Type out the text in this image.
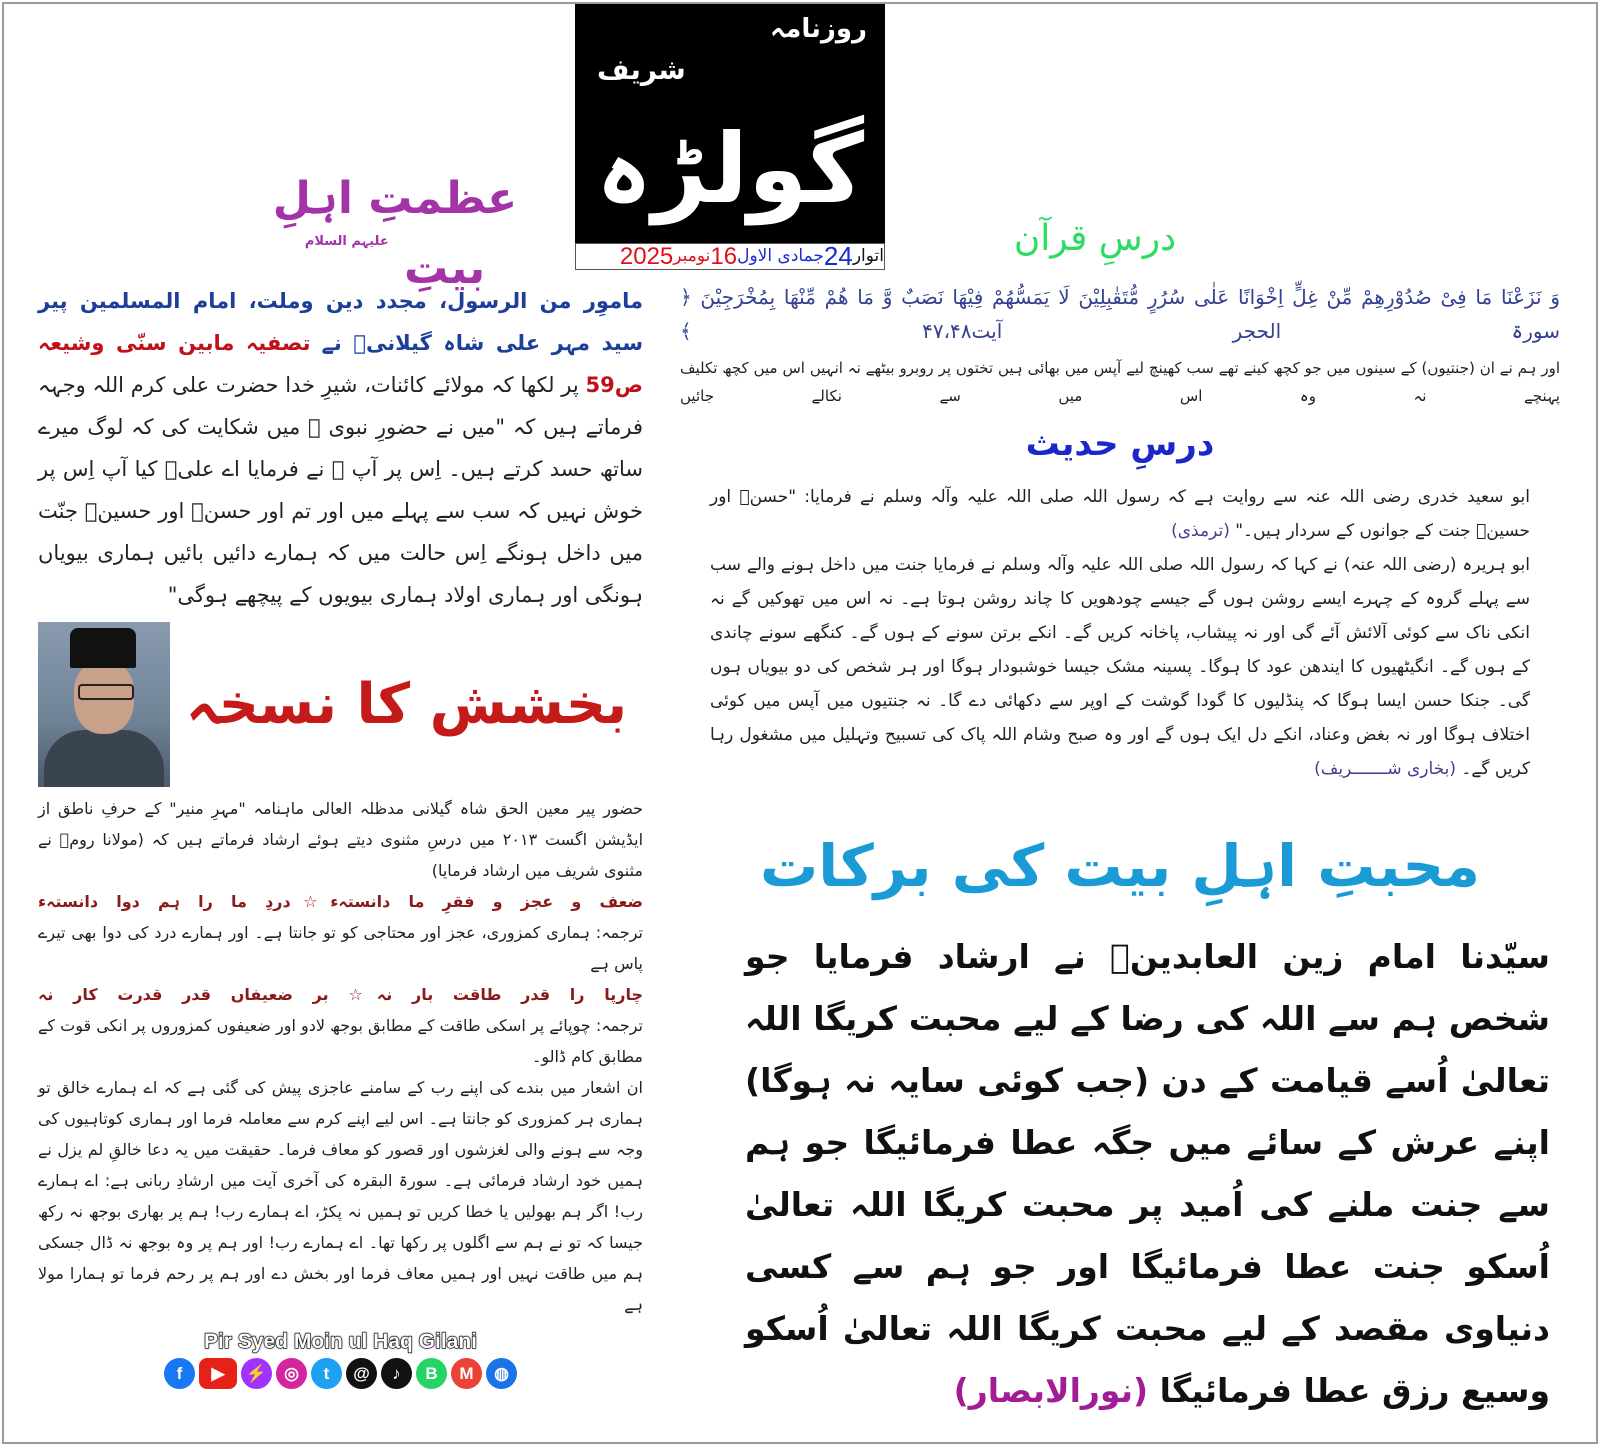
روزنامہ
شریف
گولڑہ
اتوار
24
جمادی الاول
16
نومبر
2025
عظمتِ اہلِ بیتِ $^{علیہم السلام}$	درسِ قرآن
ماموِر من الرسول، مجدد دین وملت، امام المسلمین پیر سید مہر علی شاہ گیلانیؒ نے تصفیہ مابین سنّی وشیعہ ص59 پر لکھا کہ مولائے کائنات، شیرِ خدا حضرت علی کرم اللہ وجہہ فرماتے ہیں کہ "میں نے حضورِ نبوی ﷺ میں شکایت کی کہ لوگ میرے ساتھ حسد کرتے ہیں۔ اِس پر آپ ﷺ نے فرمایا اے علیؑ کیا آپ اِس پر خوش نہیں کہ سب سے پہلے میں اور تم اور حسنؑ اور حسینؑ جنّت میں داخل ہونگے اِس حالت میں کہ ہمارے دائیں بائیں ہماری بیویاں ہونگی اور ہماری اولاد ہماری بیویوں کے پیچھے ہوگی"
بخشش کا نسخہ
حضور پیر معین الحق شاہ گیلانی مدظلہ العالی ماہنامہ "مہرِ منیر" کے حرفِ ناطق از ایڈیشن اگست ۲۰۱۳ میں درسِ مثنوی دیتے ہوئے ارشاد فرماتے ہیں کہ (مولانا رومؒ نے مثنوی شریف میں ارشاد فرمایا)
ضعف و عجز و فقرِ ما دانستہء☆دردِ ما را ہم دوا دانستہء
ترجمہ: ہماری کمزوری، عجز اور محتاجی کو تو جانتا ہے۔ اور ہمارے درد کی دوا بھی تیرے پاس ہے
چارپا را قدر طاقت بار نہ☆ بر ضعیفاں قدر قدرت کار نہ
ترجمہ: چوپائے پر اسکی طاقت کے مطابق بوجھ لادو اور ضعیفوں کمزوروں پر انکی قوت کے مطابق کام ڈالو۔
ان اشعار میں بندے کی اپنے رب کے سامنے عاجزی پیش کی گئی ہے کہ اے ہمارے خالق تو ہماری ہر کمزوری کو جانتا ہے۔ اس لیے اپنے کرم سے معاملہ فرما اور ہماری کوتاہیوں کی وجہ سے ہونے والی لغزشوں اور قصور کو معاف فرما۔ حقیقت میں یہ دعا خالقِ لم یزل نے ہمیں خود ارشاد فرمائی ہے۔ سورۃ البقرہ کی آخری آیت میں ارشادِ ربانی ہے: اے ہمارے رب! اگر ہم بھولیں یا خطا کریں تو ہمیں نہ پکڑ، اے ہمارے رب! ہم پر بھاری بوجھ نہ رکھ جیسا کہ تو نے ہم سے اگلوں پر رکھا تھا۔ اے ہمارے رب! اور ہم پر وہ بوجھ نہ ڈال جسکی ہم میں طاقت نہیں اور ہمیں معاف فرما اور بخش دے اور ہم پر رحم فرما تو ہمارا مولا ہے
Pir Syed Moin ul Haq Gilani
f	▶	⚡	◎	t	@	♪	B	M	◍
وَ نَزَعْنَا مَا فِیْ صُدُوْرِهِمْ مِّنْ غِلٍّ اِخْوَانًا عَلٰی سُرُرٍ مُّتَقٰبِلِیْنَ لَا یَمَسُّهُمْ فِیْهَا نَصَبٌ وَّ مَا هُمْ مِّنْهَا بِمُخْرَجِیْنَ ﴿ سورۃ الحجر آیت۴۷،۴۸ ﴾
اور ہم نے ان (جنتیوں) کے سینوں میں جو کچھ کینے تھے سب کھینچ لیے آپس میں بھائی ہیں تختوں پر روبرو بیٹھے نہ انہیں اس میں کچھ تکلیف پہنچے نہ وہ اس میں سے نکالے جائیں
درسِ حدیث
ابو سعید خدری رضی اللہ عنہ سے روایت ہے کہ رسول اللہ صلی اللہ علیہ وآلہ وسلم نے فرمایا: "حسنؑ اور حسینؑ جنت کے جوانوں کے سردار ہیں۔" (ترمذی)
ابو ہریرہ (رضی اللہ عنہ) نے کہا کہ رسول اللہ صلی اللہ علیہ وآلہ وسلم نے فرمایا جنت میں داخل ہونے والے سب سے پہلے گروہ کے چہرے ایسے روشن ہوں گے جیسے چودھویں کا چاند روشن ہوتا ہے۔ نہ اس میں تھوکیں گے نہ انکی ناک سے کوئی آلائش آئے گی اور نہ پیشاب، پاخانہ کریں گے۔ انکے برتن سونے کے ہوں گے۔ کنگھے سونے چاندی کے ہوں گے۔ انگیٹھیوں کا ایندھن عود کا ہوگا۔ پسینہ مشک جیسا خوشبودار ہوگا اور ہر شخص کی دو بیویاں ہوں گی۔ جنکا حسن ایسا ہوگا کہ پنڈلیوں کا گودا گوشت کے اوپر سے دکھائی دے گا۔ نہ جنتیوں میں آپس میں کوئی اختلاف ہوگا اور نہ بغض وعناد، انکے دل ایک ہوں گے اور وہ صبح وشام اللہ پاک کی تسبیح وتہلیل میں مشغول رہا کریں گے۔ (بخاری شـــــــریف)
محبتِ اہلِ بیت کی برکات
سیّدنا امام زین العابدینؑ نے ارشاد فرمایا جو شخص ہم سے اللہ کی رضا کے لیے محبت کریگا اللہ تعالیٰ اُسے قیامت کے دن (جب کوئی سایہ نہ ہوگا) اپنے عرش کے سائے میں جگہ عطا فرمائیگا جو ہم سے جنت ملنے کی اُمید پر محبت کریگا اللہ تعالیٰ اُسکو جنت عطا فرمائیگا اور جو ہم سے کسی دنیاوی مقصد کے لیے محبت کریگا اللہ تعالیٰ اُسکو وسیع رزق عطا فرمائیگا (نورالابصار)
